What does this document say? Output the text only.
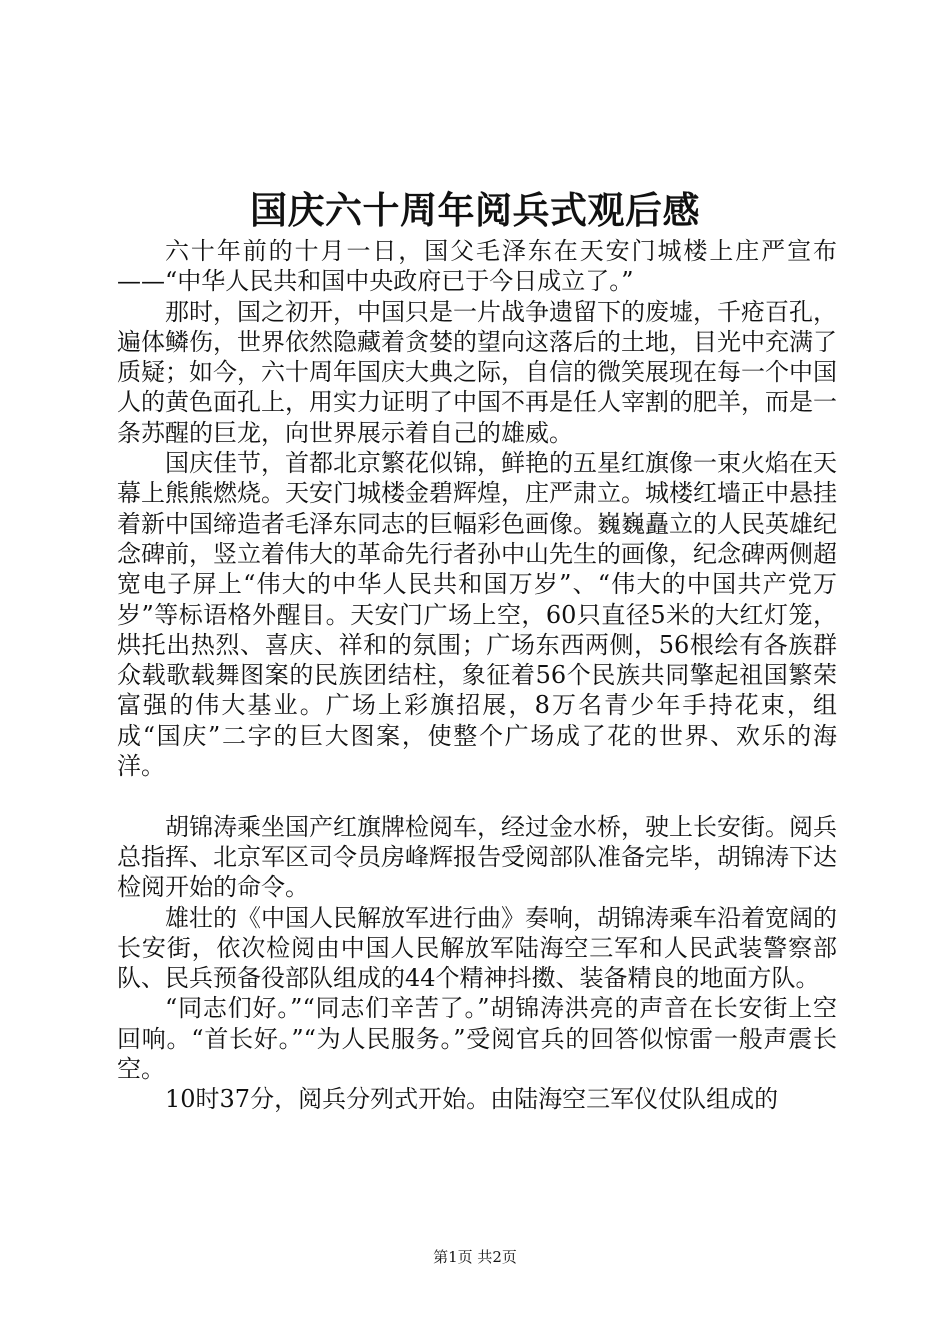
国庆六十周年阅兵式观后感

六十年前的十月一日，国父毛泽东在天安门城楼上庄严宣布——“中华人民共和国中央政府已于今日成立了。”

那时，国之初开，中国只是一片战争遗留下的废墟，千疮百孔，遍体鳞伤，世界依然隐藏着贪婪的望向这落后的土地，目光中充满了质疑；如今，六十周年国庆大典之际，自信的微笑展现在每一个中国人的黄色面孔上，用实力证明了中国不再是任人宰割的肥羊，而是一条苏醒的巨龙，向世界展示着自己的雄威。

国庆佳节，首都北京繁花似锦，鲜艳的五星红旗像一束火焰在天幕上熊熊燃烧。天安门城楼金碧辉煌，庄严肃立。城楼红墙正中悬挂着新中国缔造者毛泽东同志的巨幅彩色画像。巍巍矗立的人民英雄纪念碑前，竖立着伟大的革命先行者孙中山先生的画像，纪念碑两侧超宽电子屏上“伟大的中华人民共和国万岁”、“伟大的中国共产党万岁”等标语格外醒目。天安门广场上空，60只直径5米的大红灯笼，烘托出热烈、喜庆、祥和的氛围；广场东西两侧，56根绘有各族群众载歌载舞图案的民族团结柱，象征着56个民族共同擎起祖国繁荣富强的伟大基业。广场上彩旗招展，8万名青少年手持花束，组成“国庆”二字的巨大图案，使整个广场成了花的世界、欢乐的海洋。

胡锦涛乘坐国产红旗牌检阅车，经过金水桥，驶上长安街。阅兵总指挥、北京军区司令员房峰辉报告受阅部队准备完毕，胡锦涛下达检阅开始的命令。

雄壮的《中国人民解放军进行曲》奏响，胡锦涛乘车沿着宽阔的长安街，依次检阅由中国人民解放军陆海空三军和人民武装警察部队、民兵预备役部队组成的44个精神抖擞、装备精良的地面方队。

“同志们好。”“同志们辛苦了。”胡锦涛洪亮的声音在长安街上空回响。“首长好。”“为人民服务。”受阅官兵的回答似惊雷一般声震长空。

10时37分，阅兵分列式开始。由陆海空三军仪仗队组成的

第1页 共2页
